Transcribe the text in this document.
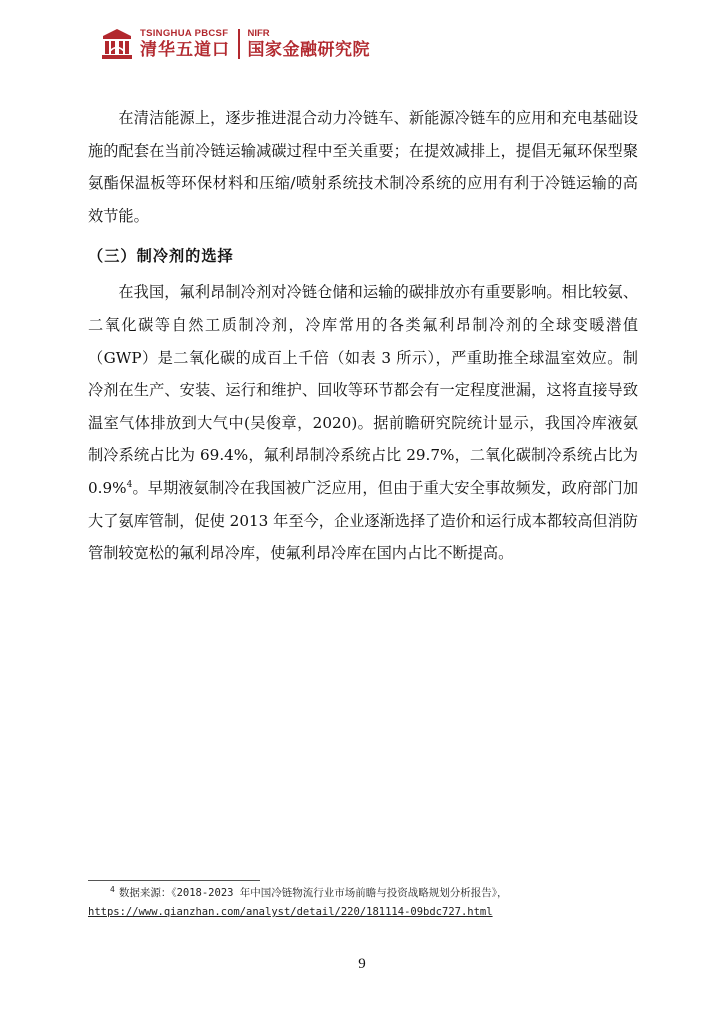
TSINGHUA PBCSF
清华五道口
NIFR
国家金融研究院

在清洁能源上，逐步推进混合动力冷链车、新能源冷链车的应用和充电基础设施的配套在当前冷链运输减碳过程中至关重要；在提效减排上，提倡无氟环保型聚氨酯保温板等环保材料和压缩/喷射系统技术制冷系统的应用有利于冷链运输的高效节能。

（三）制冷剂的选择

在我国，氟利昂制冷剂对冷链仓储和运输的碳排放亦有重要影响。相比较氨、二氧化碳等自然工质制冷剂，冷库常用的各类氟利昂制冷剂的全球变暖潜值（GWP）是二氧化碳的成百上千倍（如表 3 所示），严重助推全球温室效应。制冷剂在生产、安装、运行和维护、回收等环节都会有一定程度泄漏，这将直接导致温室气体排放到大气中(吴俊章，2020)。据前瞻研究院统计显示，我国冷库液氨制冷系统占比为 69.4%，氟利昂制冷系统占比 29.7%，二氧化碳制冷系统占比为 0.9%$^4$。早期液氨制冷在我国被广泛应用，但由于重大安全事故频发，政府部门加大了氨库管制，促使 2013 年至今，企业逐渐选择了造价和运行成本都较高但消防管制较宽松的氟利昂冷库，使氟利昂冷库在国内占比不断提高。

$^4$ 数据来源：《2018-2023 年中国冷链物流行业市场前瞻与投资战略规划分析报告》，
https://www.qianzhan.com/analyst/detail/220/181114-09bdc727.html
9
